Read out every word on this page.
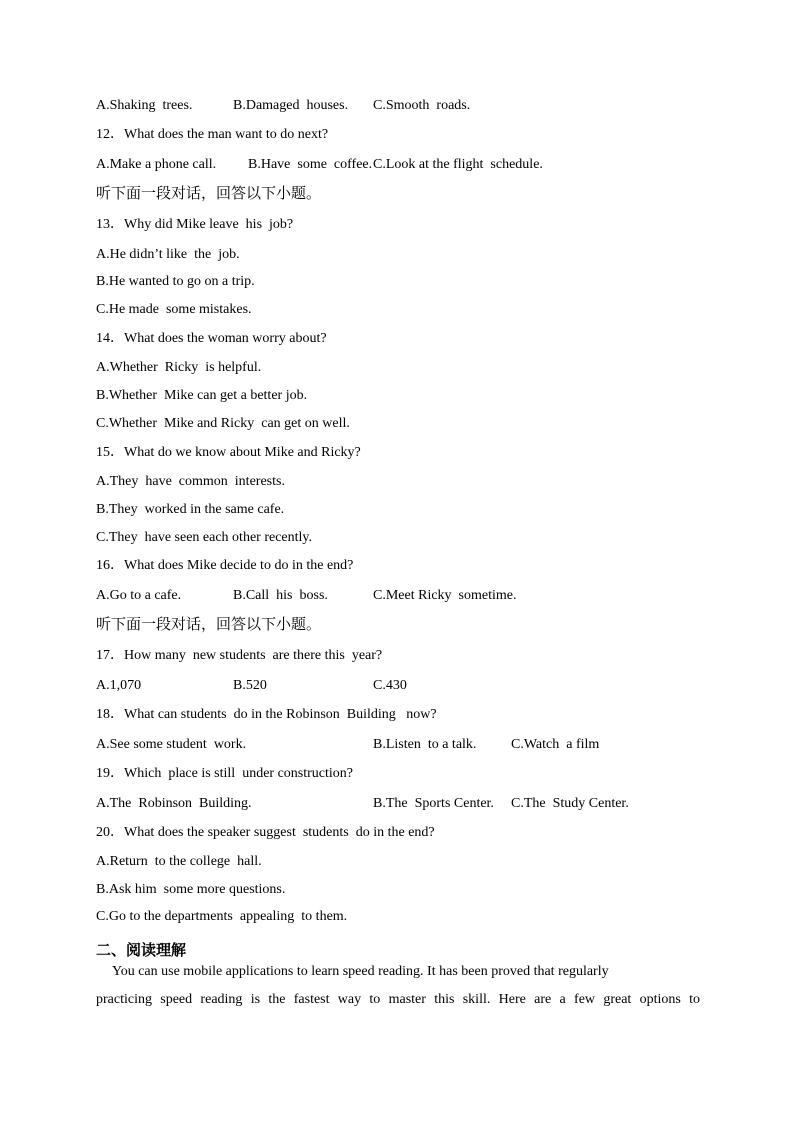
A.Shaking  trees.	B.Damaged  houses. C.Smooth  roads.
12．What does the man want to do next?
A.Make a phone call. B.Have  some  coffee. C.Look at the flight  schedule.
听下面一段对话，回答以下小题。
13．Why did Mike leave  his  job?
A.He didn’t like  the  job.
B.He wanted to go on a trip.
C.He made  some mistakes.
14．What does the woman worry about?
A.Whether  Ricky  is helpful.
B.Whether  Mike can get a better job.
C.Whether  Mike and Ricky  can get on well.
15．What do we know about Mike and Ricky?
A.They  have  common  interests.
B.They  worked in the same cafe.
C.They  have seen each other recently.
16．What does Mike decide to do in the end?
A.Go to a cafe.	B.Call  his  boss.	C.Meet Ricky  sometime.
听下面一段对话，回答以下小题。
17．How many  new students  are there this  year?
A.1,070	B.520	C.430
18．What can students  do in the Robinson  Building   now?
A.See some student  work.	B.Listen  to a talk. C.Watch  a film
19．Which  place is still  under construction?
A.The  Robinson  Building.	B.The  Sports Center. C.The  Study Center.
20．What does the speaker suggest  students  do in the end?
A.Return  to the college  hall.
B.Ask him  some more questions.
C.Go to the departments  appealing  to them.
二、阅读理解
You can use mobile applications to learn speed reading. It has been proved that regularly
practicing speed reading is the fastest way to master this skill. Here are a few great options to
